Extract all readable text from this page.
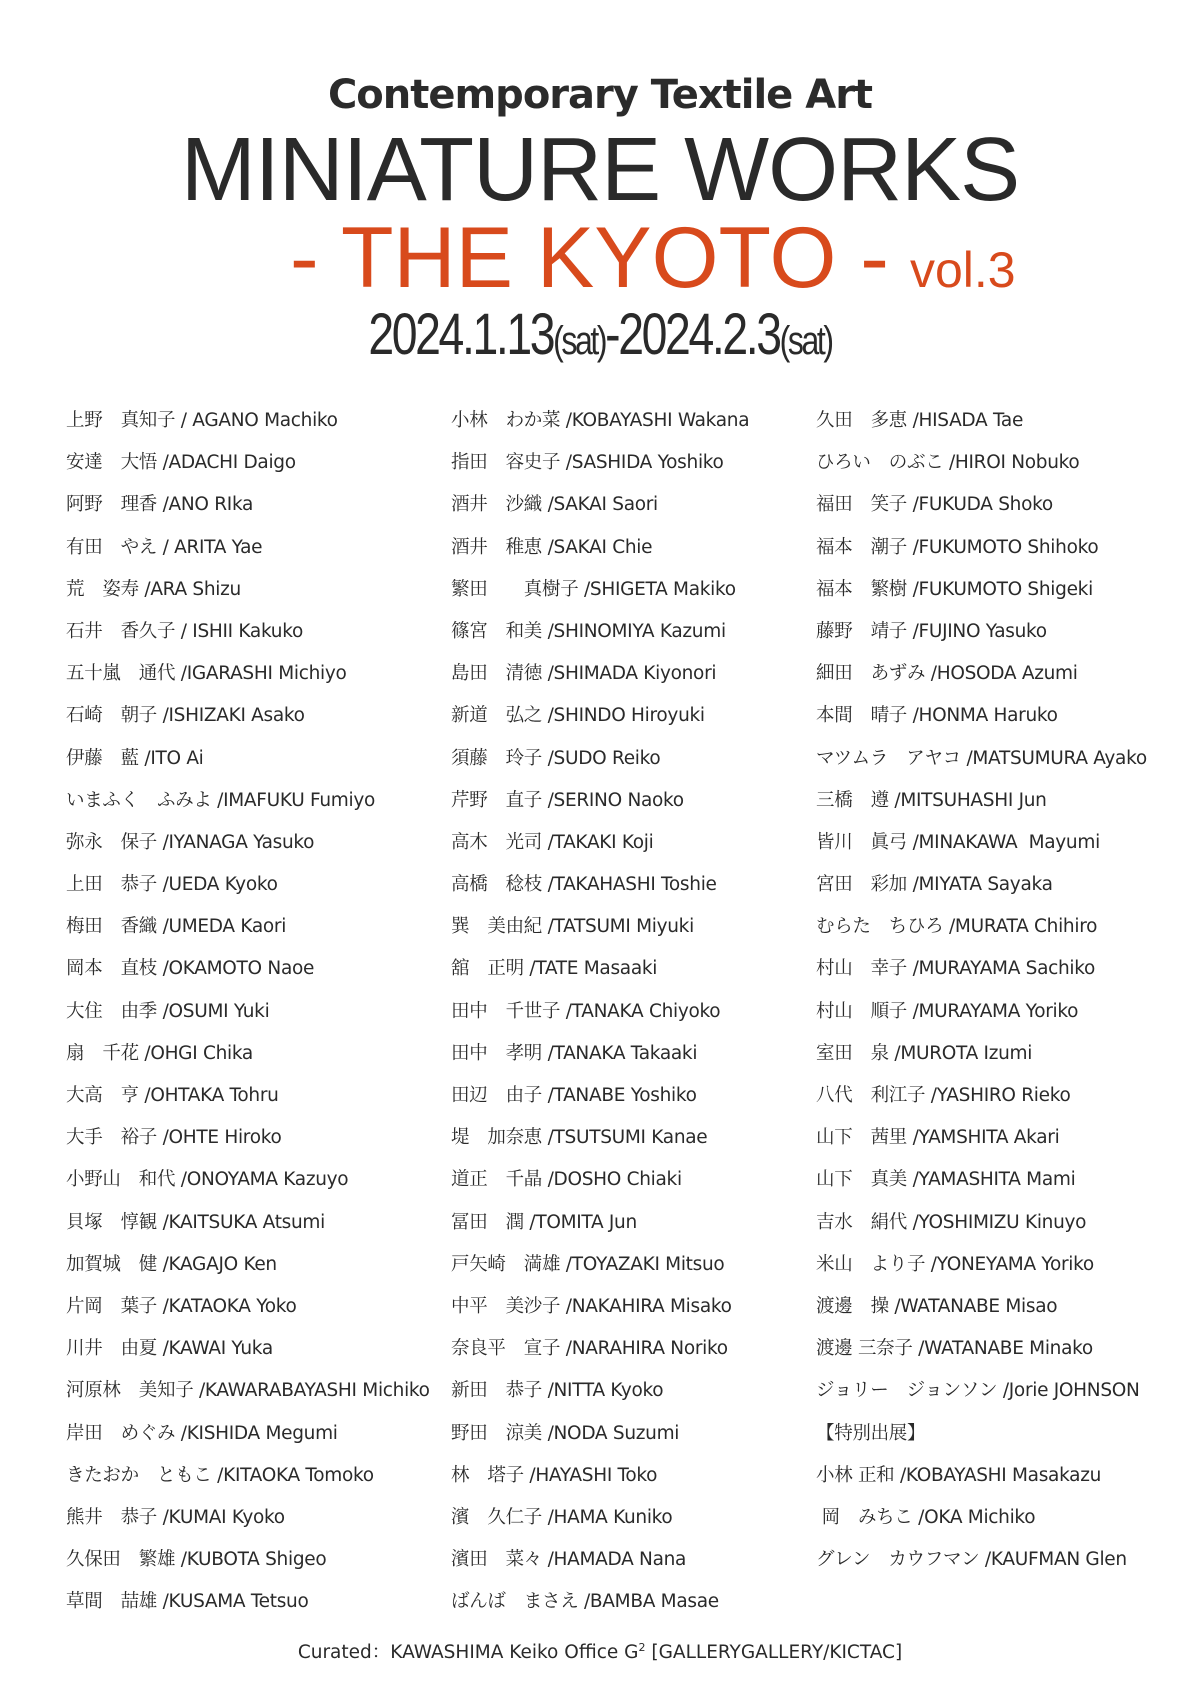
Contemporary Textile Art
MINIATURE WORKS
- THE KYOTO - vol.3
2024.1.13(sat)-2024.2.3(sat)
上野　真知子 / AGANO Machiko
安達　大悟 /ADACHI Daigo
阿野　理香 /ANO RIka
有田　やえ / ARITA Yae
荒　姿寿 /ARA Shizu
石井　香久子 / ISHII Kakuko
五十嵐　通代 /IGARASHI Michiyo
石崎　朝子 /ISHIZAKI Asako
伊藤　藍 /ITO Ai
いまふく　ふみよ /IMAFUKU Fumiyo
弥永　保子 /IYANAGA Yasuko
上田　恭子 /UEDA Kyoko
梅田　香織 /UMEDA Kaori
岡本　直枝 /OKAMOTO Naoe
大住　由季 /OSUMI Yuki
扇　千花 /OHGI Chika
大高　亨 /OHTAKA Tohru
大手　裕子 /OHTE Hiroko
小野山　和代 /ONOYAMA Kazuyo
貝塚　惇観 /KAITSUKA Atsumi
加賀城　健 /KAGAJO Ken
片岡　葉子 /KATAOKA Yoko
川井　由夏 /KAWAI Yuka
河原林　美知子 /KAWARABAYASHI Michiko
岸田　めぐみ /KISHIDA Megumi
きたおか　ともこ /KITAOKA Tomoko
熊井　恭子 /KUMAI Kyoko
久保田　繁雄 /KUBOTA Shigeo
草間　喆雄 /KUSAMA Tetsuo
小林　わか菜 /KOBAYASHI Wakana
指田　容史子 /SASHIDA Yoshiko
酒井　沙織 /SAKAI Saori
酒井　稚恵 /SAKAI Chie
繁田　　真樹子 /SHIGETA Makiko
篠宮　和美 /SHINOMIYA Kazumi
島田　清徳 /SHIMADA Kiyonori
新道　弘之 /SHINDO Hiroyuki
須藤　玲子 /SUDO Reiko
芹野　直子 /SERINO Naoko
高木　光司 /TAKAKI Koji
高橋　稔枝 /TAKAHASHI Toshie
巽　美由紀 /TATSUMI Miyuki
舘　正明 /TATE Masaaki
田中　千世子 /TANAKA Chiyoko
田中　孝明 /TANAKA Takaaki
田辺　由子 /TANABE Yoshiko
堤　加奈恵 /TSUTSUMI Kanae
道正　千晶 /DOSHO Chiaki
冨田　潤 /TOMITA Jun
戸矢崎　満雄 /TOYAZAKI Mitsuo
中平　美沙子 /NAKAHIRA Misako
奈良平　宣子 /NARAHIRA Noriko
新田　恭子 /NITTA Kyoko
野田　涼美 /NODA Suzumi
林　塔子 /HAYASHI Toko
濱　久仁子 /HAMA Kuniko
濱田　菜々 /HAMADA Nana
ばんば　まさえ /BAMBA Masae
久田　多恵 /HISADA Tae
ひろい　のぶこ /HIROI Nobuko
福田　笑子 /FUKUDA Shoko
福本　潮子 /FUKUMOTO Shihoko
福本　繁樹 /FUKUMOTO Shigeki
藤野　靖子 /FUJINO Yasuko
細田　あずみ /HOSODA Azumi
本間　晴子 /HONMA Haruko
マツムラ　アヤコ /MATSUMURA Ayako
三橋　遵 /MITSUHASHI Jun
皆川　眞弓 /MINAKAWA  Mayumi
宮田　彩加 /MIYATA Sayaka
むらた　ちひろ /MURATA Chihiro
村山　幸子 /MURAYAMA Sachiko
村山　順子 /MURAYAMA Yoriko
室田　泉 /MUROTA Izumi
八代　利江子 /YASHIRO Rieko
山下　茜里 /YAMSHITA Akari
山下　真美 /YAMASHITA Mami
吉水　絹代 /YOSHIMIZU Kinuyo
米山　より子 /YONEYAMA Yoriko
渡邊　操 /WATANABE Misao
渡邊 三奈子 /WATANABE Minako
ジョリー　ジョンソン /Jorie JOHNSON
【特別出展】
小林 正和 /KOBAYASHI Masakazu
岡　みちこ /OKA Michiko
グレン　カウフマン /KAUFMAN Glen
Curated：KAWASHIMA Keiko Office $G^2$ [GALLERYGALLERY/KICTAC]
